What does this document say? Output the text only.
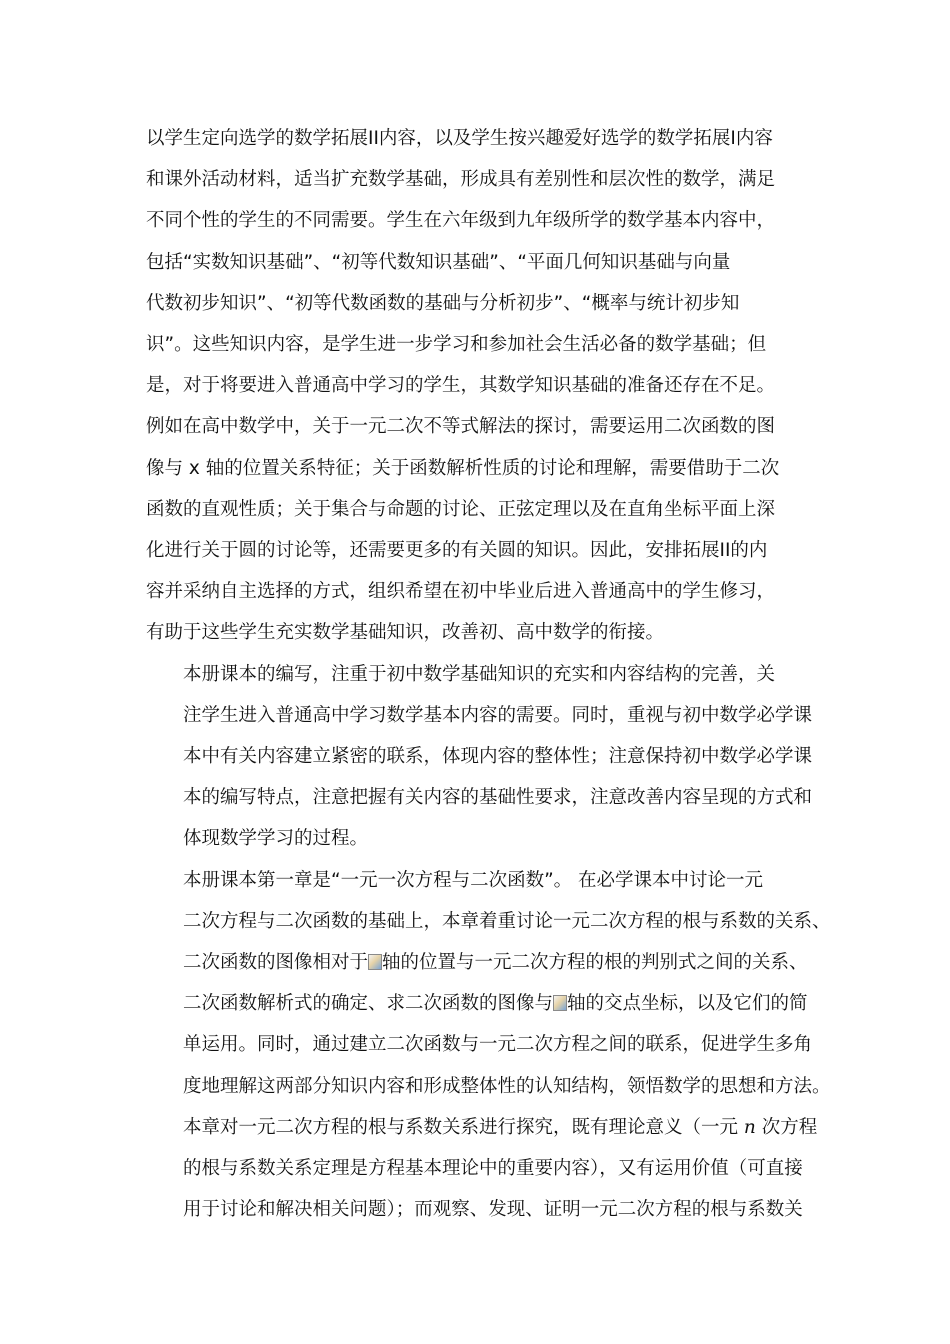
以学生定向选学的数学拓展II内容，以及学生按兴趣爱好选学的数学拓展I内容
和课外活动材料，适当扩充数学基础，形成具有差别性和层次性的数学，满足
不同个性的学生的不同需要。学生在六年级到九年级所学的数学基本内容中，
包括“实数知识基础”、“初等代数知识基础”、“平面几何知识基础与向量
代数初步知识”、“初等代数函数的基础与分析初步”、“概率与统计初步知
识”。这些知识内容，是学生进一步学习和参加社会生活必备的数学基础；但
是，对于将要进入普通高中学习的学生，其数学知识基础的准备还存在不足。
例如在高中数学中，关于一元二次不等式解法的探讨，需要运用二次函数的图
像与 x 轴的位置关系特征；关于函数解析性质的讨论和理解，需要借助于二次
函数的直观性质；关于集合与命题的讨论、正弦定理以及在直角坐标平面上深
化进行关于圆的讨论等，还需要更多的有关圆的知识。因此，安排拓展II的内
容并采纳自主选择的方式，组织希望在初中毕业后进入普通高中的学生修习，
有助于这些学生充实数学基础知识，改善初、高中数学的衔接。

本册课本的编写，注重于初中数学基础知识的充实和内容结构的完善，关
注学生进入普通高中学习数学基本内容的需要。同时，重视与初中数学必学课
本中有关内容建立紧密的联系，体现内容的整体性；注意保持初中数学必学课
本的编写特点，注意把握有关内容的基础性要求，注意改善内容呈现的方式和
体现数学学习的过程。

本册课本第一章是“一元一次方程与二次函数”。 在必学课本中讨论一元
二次方程与二次函数的基础上，本章着重讨论一元二次方程的根与系数的关系、
二次函数的图像相对于 轴的位置与一元二次方程的根的判别式之间的关系、
二次函数解析式的确定、求二次函数的图像与 轴的交点坐标，以及它们的简
单运用。同时，通过建立二次函数与一元二次方程之间的联系，促进学生多角
度地理解这两部分知识内容和形成整体性的认知结构，领悟数学的思想和方法。
本章对一元二次方程的根与系数关系进行探究，既有理论意义（一元 n 次方程
的根与系数关系定理是方程基本理论中的重要内容），又有运用价值（可直接
用于讨论和解决相关问题）；而观察、发现、证明一元二次方程的根与系数关
